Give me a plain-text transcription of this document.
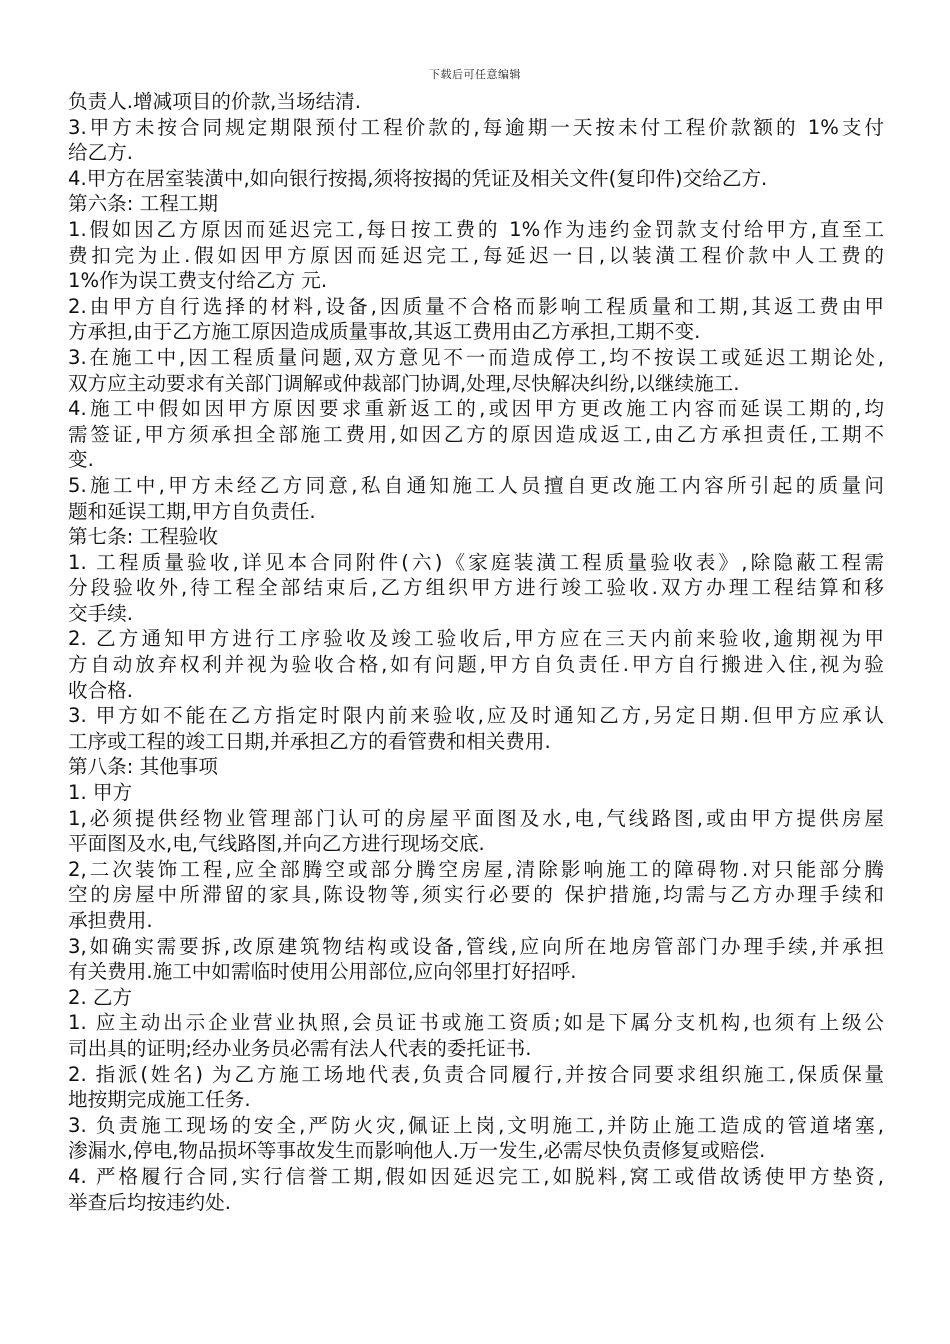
下载后可任意编辑
负责人.增减项目的价款,当场结清.
3.甲方未按合同规定期限预付工程价款的,每逾期一天按未付工程价款额的 1%支付
给乙方.
4.甲方在居室装潢中,如向银行按揭,须将按揭的凭证及相关文件(复印件)交给乙方.
第六条: 工程工期
1.假如因乙方原因而延迟完工,每日按工费的 1%作为违约金罚款支付给甲方,直至工
费扣完为止.假如因甲方原因而延迟完工,每延迟一日,以装潢工程价款中人工费的
1%作为误工费支付给乙方 元.
2.由甲方自行选择的材料,设备,因质量不合格而影响工程质量和工期,其返工费由甲
方承担,由于乙方施工原因造成质量事故,其返工费用由乙方承担,工期不变.
3.在施工中,因工程质量问题,双方意见不一而造成停工,均不按误工或延迟工期论处,
双方应主动要求有关部门调解或仲裁部门协调,处理,尽快解决纠纷,以继续施工.
4.施工中假如因甲方原因要求重新返工的,或因甲方更改施工内容而延误工期的,均
需签证,甲方须承担全部施工费用,如因乙方的原因造成返工,由乙方承担责任,工期不
变.
5.施工中,甲方未经乙方同意,私自通知施工人员擅自更改施工内容所引起的质量问
题和延误工期,甲方自负责任.
第七条: 工程验收
1. 工程质量验收,详见本合同附件(六)《家庭装潢工程质量验收表》,除隐蔽工程需
分段验收外,待工程全部结束后,乙方组织甲方进行竣工验收.双方办理工程结算和移
交手续.
2. 乙方通知甲方进行工序验收及竣工验收后,甲方应在三天内前来验收,逾期视为甲
方自动放弃权利并视为验收合格,如有问题,甲方自负责任.甲方自行搬进入住,视为验
收合格.
3. 甲方如不能在乙方指定时限内前来验收,应及时通知乙方,另定日期.但甲方应承认
工序或工程的竣工日期,并承担乙方的看管费和相关费用.
第八条: 其他事项
1. 甲方
1,必须提供经物业管理部门认可的房屋平面图及水,电,气线路图,或由甲方提供房屋
平面图及水,电,气线路图,并向乙方进行现场交底.
2,二次装饰工程,应全部腾空或部分腾空房屋,清除影响施工的障碍物.对只能部分腾
空的房屋中所滞留的家具,陈设物等,须实行必要的 保护措施,均需与乙方办理手续和
承担费用.
3,如确实需要拆,改原建筑物结构或设备,管线,应向所在地房管部门办理手续,并承担
有关费用.施工中如需临时使用公用部位,应向邻里打好招呼.
2. 乙方
1. 应主动出示企业营业执照,会员证书或施工资质;如是下属分支机构,也须有上级公
司出具的证明;经办业务员必需有法人代表的委托证书.
2. 指派(姓名) 为乙方施工场地代表,负责合同履行,并按合同要求组织施工,保质保量
地按期完成施工任务.
3. 负责施工现场的安全,严防火灾,佩证上岗,文明施工,并防止施工造成的管道堵塞,
渗漏水,停电,物品损坏等事故发生而影响他人.万一发生,必需尽快负责修复或赔偿.
4. 严格履行合同,实行信誉工期,假如因延迟完工,如脱料,窝工或借故诱使甲方垫资,
举查后均按违约处.
